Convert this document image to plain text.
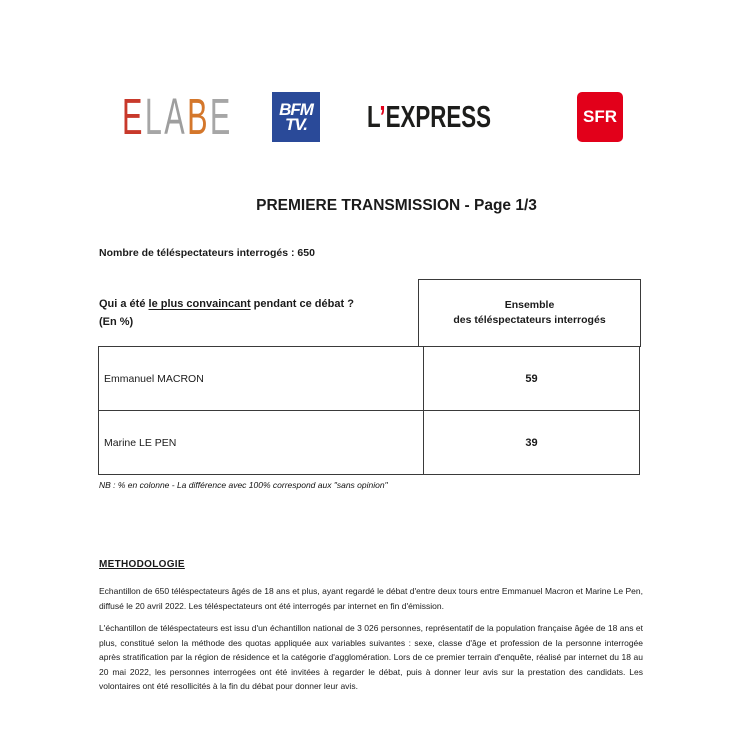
ELABE	BFM
TV. L’EXPRESS	SFR
PREMIERE TRANSMISSION - Page 1/3
Nombre de téléspectateurs interrogés : 650
Qui a été le plus convaincant pendant ce débat ?
(En %)
Ensemble
des téléspectateurs interrogés
Emmanuel MACRON	59
Marine LE PEN	39
NB : % en colonne - La différence avec 100% correspond aux "sans opinion"
METHODOLOGIE
Echantillon de 650 téléspectateurs âgés de 18 ans et plus, ayant regardé le débat d'entre deux tours entre Emmanuel Macron et Marine Le Pen, diffusé le 20 avril 2022. Les téléspectateurs ont été interrogés par internet en fin d'émission.
L'échantillon de téléspectateurs est issu d'un échantillon national de 3 026 personnes, représentatif de la population française âgée de 18 ans et plus, constitué selon la méthode des quotas appliquée aux variables suivantes : sexe, classe d'âge et profession de la personne interrogée après stratification par la région de résidence et la catégorie d'agglomération. Lors de ce premier terrain d'enquête, réalisé par internet du 18 au 20 mai 2022, les personnes interrogées ont été invitées à regarder le débat, puis à donner leur avis sur la prestation des candidats. Les volontaires ont été resollicités à la fin du débat pour donner leur avis.
